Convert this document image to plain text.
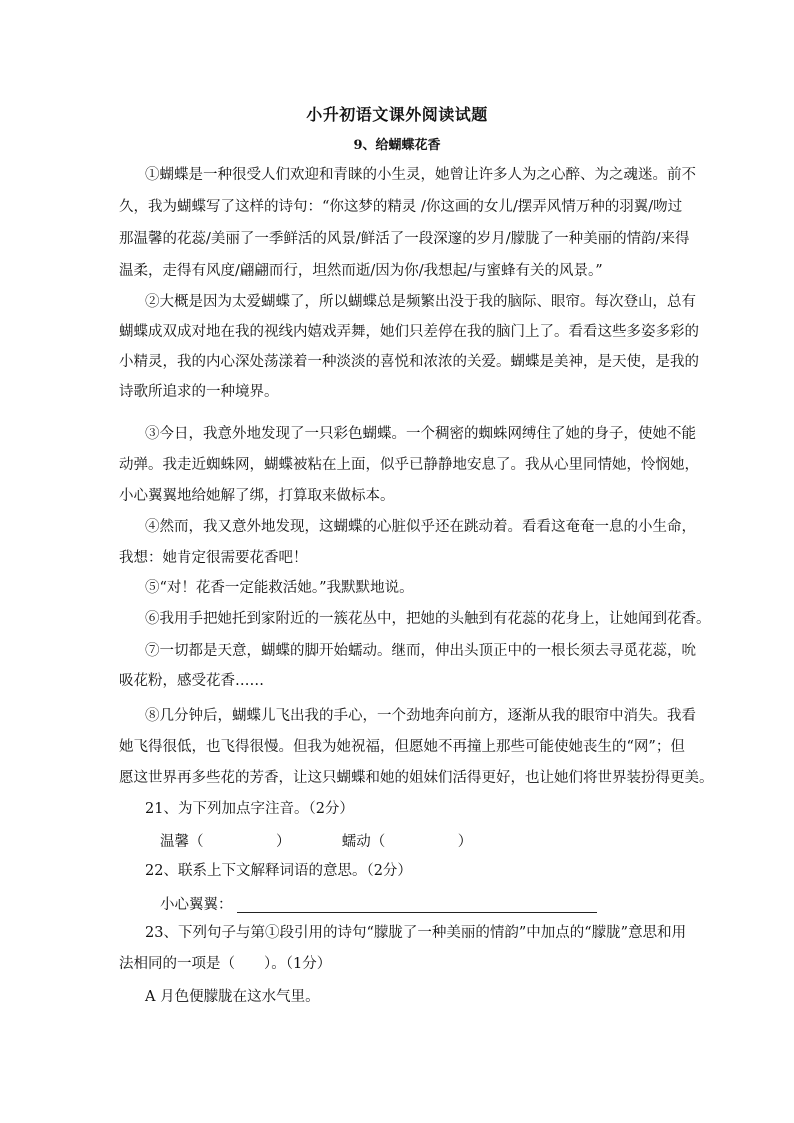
小升初语文课外阅读试题
9、给蝴蝶花香
①蝴蝶是一种很受人们欢迎和青睐的小生灵，她曾让许多人为之心醉、为之魂迷。前不
久，我为蝴蝶写了这样的诗句：“你这梦的精灵 /你这画的女儿/摆弄风情万种的羽翼/吻过
那温馨的花蕊/美丽了一季鲜活的风景/鲜活了一段深邃的岁月/朦胧了一种美丽的情韵/来得
温柔，走得有风度/翩翩而行，坦然而逝/因为你/我想起/与蜜蜂有关的风景。”
②大概是因为太爱蝴蝶了，所以蝴蝶总是频繁出没于我的脑际、眼帘。每次登山，总有
蝴蝶成双成对地在我的视线内嬉戏弄舞，她们只差停在我的脑门上了。看看这些多姿多彩的
小精灵，我的内心深处荡漾着一种淡淡的喜悦和浓浓的关爱。蝴蝶是美神，是天使，是我的
诗歌所追求的一种境界。
③今日，我意外地发现了一只彩色蝴蝶。一个稠密的蜘蛛网缚住了她的身子，使她不能
动弹。我走近蜘蛛网，蝴蝶被粘在上面，似乎已静静地安息了。我从心里同情她，怜悯她，
小心翼翼地给她解了绑，打算取来做标本。
④然而，我又意外地发现，这蝴蝶的心脏似乎还在跳动着。看看这奄奄一息的小生命，
我想：她肯定很需要花香吧！
⑤“对！花香一定能救活她。”我默默地说。
⑥我用手把她托到家附近的一簇花丛中，把她的头触到有花蕊的花身上，让她闻到花香。
⑦一切都是天意，蝴蝶的脚开始蠕动。继而，伸出头顶正中的一根长须去寻觅花蕊，吮
吸花粉，感受花香……
⑧几分钟后，蝴蝶儿飞出我的手心，一个劲地奔向前方，逐渐从我的眼帘中消失。我看
她飞得很低，也飞得很慢。但我为她祝福，但愿她不再撞上那些可能使她丧生的“网”；但
愿这世界再多些花的芳香，让这只蝴蝶和她的姐妹们活得更好，也让她们将世界装扮得更美。
21、为下列加点字注音。（2分）
温馨（　　　　　）	蠕动（　　　　　）
22、联系上下文解释词语的意思。（2分）
小心翼翼：
23、下列句子与第①段引用的诗句“朦胧了一种美丽的情韵”中加点的“朦胧”意思和用
法相同的一项是（　　）。（1分）
A 月色便朦胧在这水气里。
